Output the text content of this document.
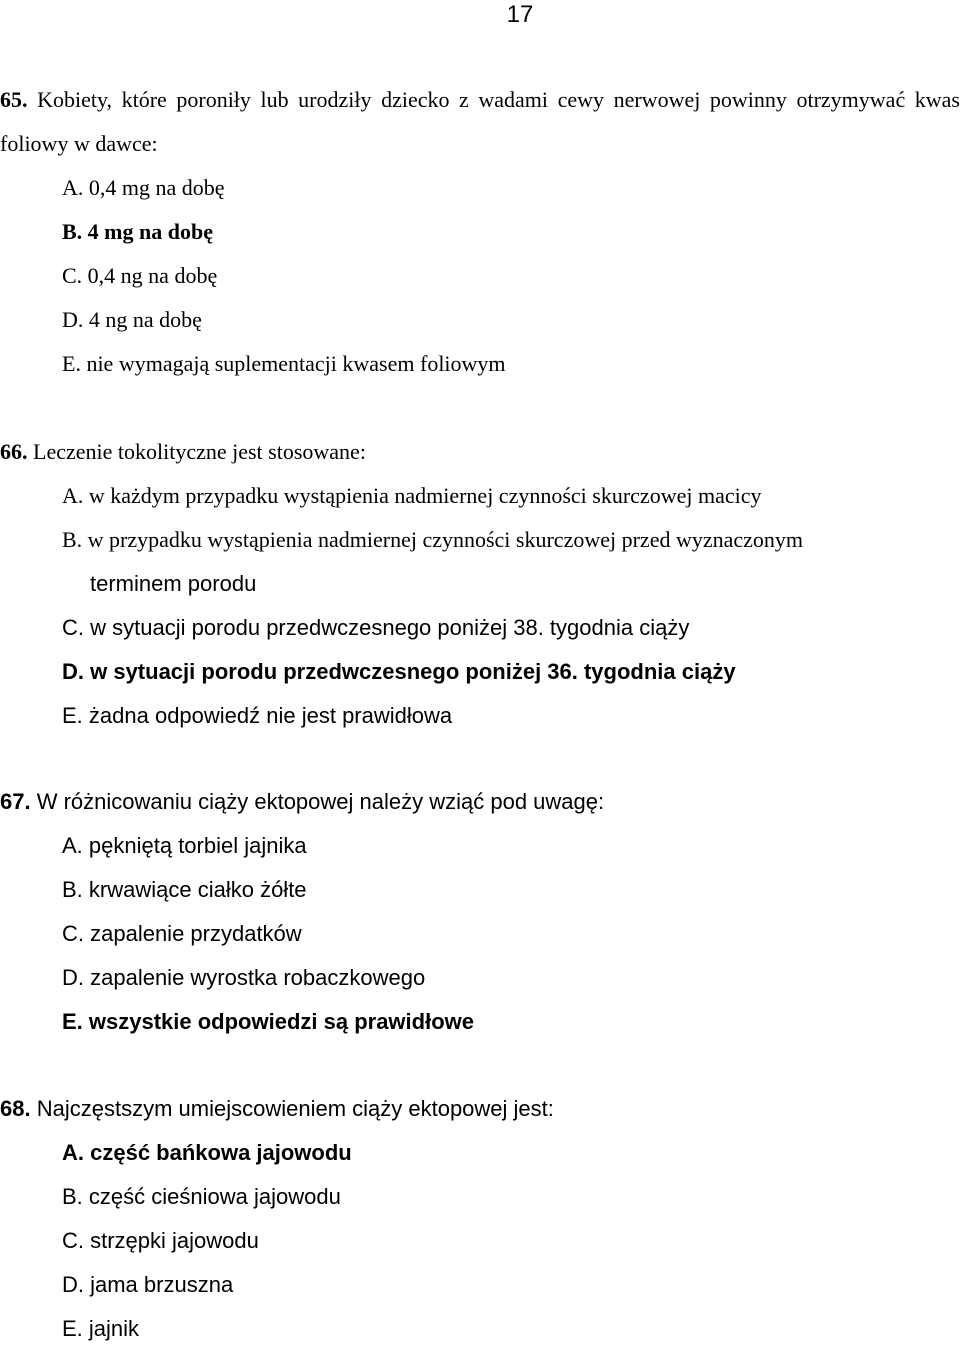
17

65. Kobiety, które poroniły lub urodziły dziecko z wadami cewy nerwowej powinny otrzymywać kwas foliowy w dawce:

A. 0,4 mg na dobę
B. 4 mg na dobę
C. 0,4 ng na dobę
D. 4 ng na dobę
E. nie wymagają suplementacji kwasem foliowym

66. Leczenie tokolityczne jest stosowane:

A. w każdym przypadku wystąpienia nadmiernej czynności skurczowej macicy
B. w przypadku wystąpienia nadmiernej czynności skurczowej przed wyznaczonym
terminem porodu
C. w sytuacji porodu przedwczesnego poniżej 38. tygodnia ciąży
D. w sytuacji porodu przedwczesnego poniżej 36. tygodnia ciąży
E. żadna odpowiedź nie jest prawidłowa

67. W różnicowaniu ciąży ektopowej należy wziąć pod uwagę:

A. pękniętą torbiel jajnika
B. krwawiące ciałko żółte
C. zapalenie przydatków
D. zapalenie wyrostka robaczkowego
E. wszystkie odpowiedzi są prawidłowe

68. Najczęstszym umiejscowieniem ciąży ektopowej jest:

A. część bańkowa jajowodu
B. część cieśniowa jajowodu
C. strzępki jajowodu
D. jama brzuszna
E. jajnik
